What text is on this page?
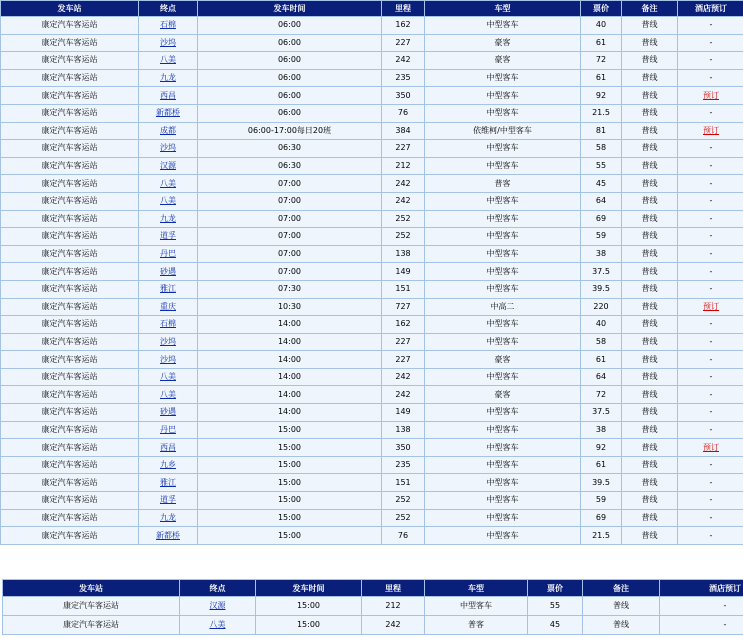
发车站	终点	发车时间	里程	车型	票价	备注	酒店预订
康定汽车客运站	石棉	06:00	162	中型客车	40	普线	-
康定汽车客运站	沙坞	06:00	227	豪客	61	普线	-
康定汽车客运站	八美	06:00	242	豪客	72	普线	-
康定汽车客运站	九龙	06:00	235	中型客车	61	普线	-
康定汽车客运站	西昌	06:00	350	中型客车	92	普线	预订
康定汽车客运站	新都桥	06:00	76	中型客车	21.5	普线	-
康定汽车客运站	成都	06:00-17:00每日20班	384	依维柯/中型客车	81	普线	预订
康定汽车客运站	沙坞	06:30	227	中型客车	58	普线	-
康定汽车客运站	汉源	06:30	212	中型客车	55	普线	-
康定汽车客运站	八美	07:00	242	普客	45	普线	-
康定汽车客运站	八美	07:00	242	中型客车	64	普线	-
康定汽车客运站	九龙	07:00	252	中型客车	69	普线	-
康定汽车客运站	道孚	07:00	252	中型客车	59	普线	-
康定汽车客运站	丹巴	07:00	138	中型客车	38	普线	-
康定汽车客运站	砂遇	07:00	149	中型客车	37.5	普线	-
康定汽车客运站	雅江	07:30	151	中型客车	39.5	普线	-
康定汽车客运站	重庆	10:30	727	中高二	220	普线	预订
康定汽车客运站	石棉	14:00	162	中型客车	40	普线	-
康定汽车客运站	沙坞	14:00	227	中型客车	58	普线	-
康定汽车客运站	沙坞	14:00	227	豪客	61	普线	-
康定汽车客运站	八美	14:00	242	中型客车	64	普线	-
康定汽车客运站	八美	14:00	242	豪客	72	普线	-
康定汽车客运站	砂遇	14:00	149	中型客车	37.5	普线	-
康定汽车客运站	丹巴	15:00	138	中型客车	38	普线	-
康定汽车客运站	西昌	15:00	350	中型客车	92	普线	预订
康定汽车客运站	九乡	15:00	235	中型客车	61	普线	-
康定汽车客运站	雅江	15:00	151	中型客车	39.5	普线	-
康定汽车客运站	道孚	15:00	252	中型客车	59	普线	-
康定汽车客运站	九龙	15:00	252	中型客车	69	普线	-
康定汽车客运站	新都桥	15:00	76	中型客车	21.5	普线	-
发车站	终点	发车时间	里程	车型	票价	备注	酒店预订
康定汽车客运站	汉源	15:00	212	中型客车	55	普线	-
康定汽车客运站	八美	15:00	242	普客	45	普线	-
